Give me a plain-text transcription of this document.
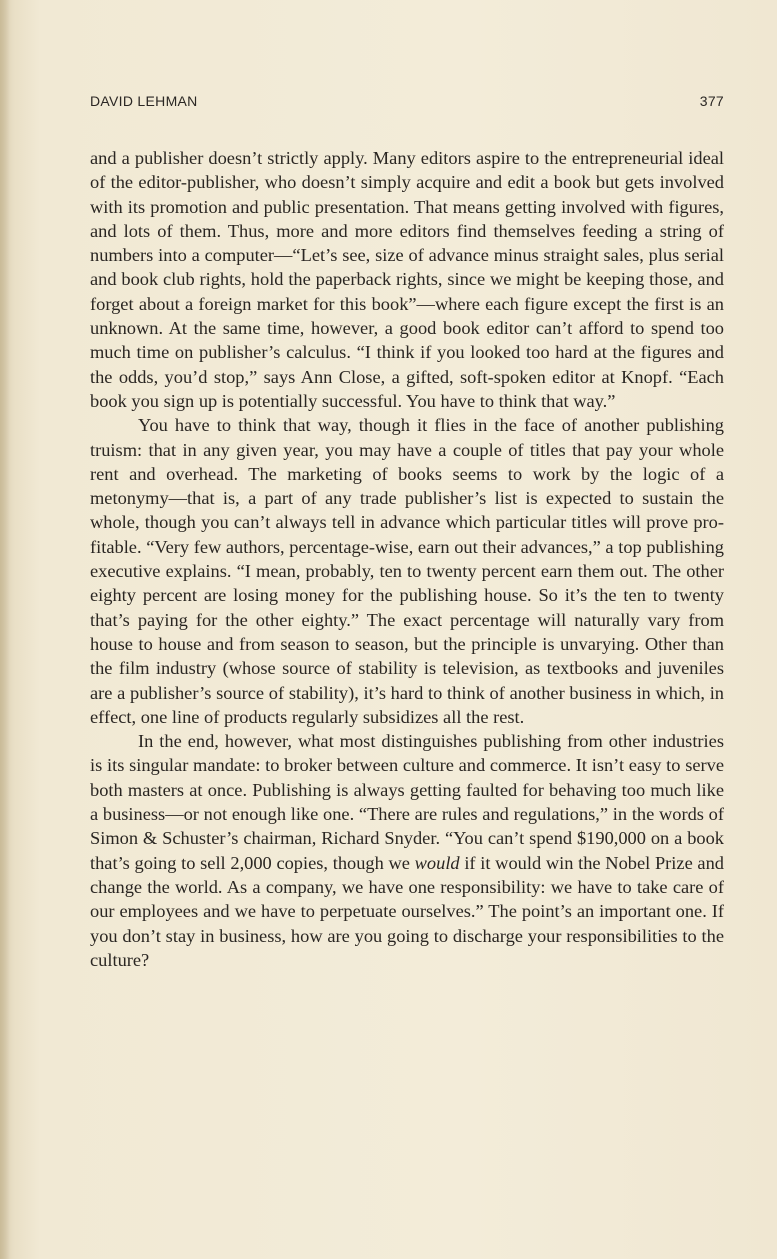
DAVID LEHMAN	377

and a publisher doesn’t strictly apply. Many editors aspire to the entrepreneurial ideal of the editor-publisher, who doesn’t simply acquire and edit a book but gets involved with its promotion and public presentation. That means getting involved with figures, and lots of them. Thus, more and more editors find themselves feeding a string of numbers into a computer—“Let’s see, size of advance minus straight sales, plus serial and book club rights, hold the paperback rights, since we might be keeping those, and forget about a foreign market for this book”—where each figure except the first is an unknown. At the same time, however, a good book editor can’t afford to spend too much time on publisher’s calculus. “I think if you looked too hard at the figures and the odds, you’d stop,” says Ann Close, a gifted, soft-spoken editor at Knopf. “Each book you sign up is potentially successful. You have to think that way.”

You have to think that way, though it flies in the face of another publishing truism: that in any given year, you may have a couple of titles that pay your whole rent and overhead. The marketing of books seems to work by the logic of a metonymy—that is, a part of any trade publisher’s list is expected to sustain the whole, though you can’t always tell in advance which particular titles will prove profitable. “Very few authors, percentage-wise, earn out their advances,” a top publishing executive explains. “I mean, probably, ten to twenty percent earn them out. The other eighty percent are losing money for the publishing house. So it’s the ten to twenty that’s paying for the other eighty.” The exact percentage will naturally vary from house to house and from season to season, but the principle is unvarying. Other than the film industry (whose source of stability is television, as textbooks and juveniles are a publisher’s source of stability), it’s hard to think of another business in which, in effect, one line of products regularly subsidizes all the rest.

In the end, however, what most distinguishes publishing from other industries is its singular mandate: to broker between culture and commerce. It isn’t easy to serve both masters at once. Publishing is always getting faulted for behaving too much like a business—or not enough like one. “There are rules and regulations,” in the words of Simon & Schuster’s chairman, Richard Snyder. “You can’t spend $190,000 on a book that’s going to sell 2,000 copies, though we would if it would win the Nobel Prize and change the world. As a company, we have one responsibility: we have to take care of our employees and we have to perpetuate ourselves.” The point’s an important one. If you don’t stay in business, how are you going to discharge your responsibilities to the culture?
